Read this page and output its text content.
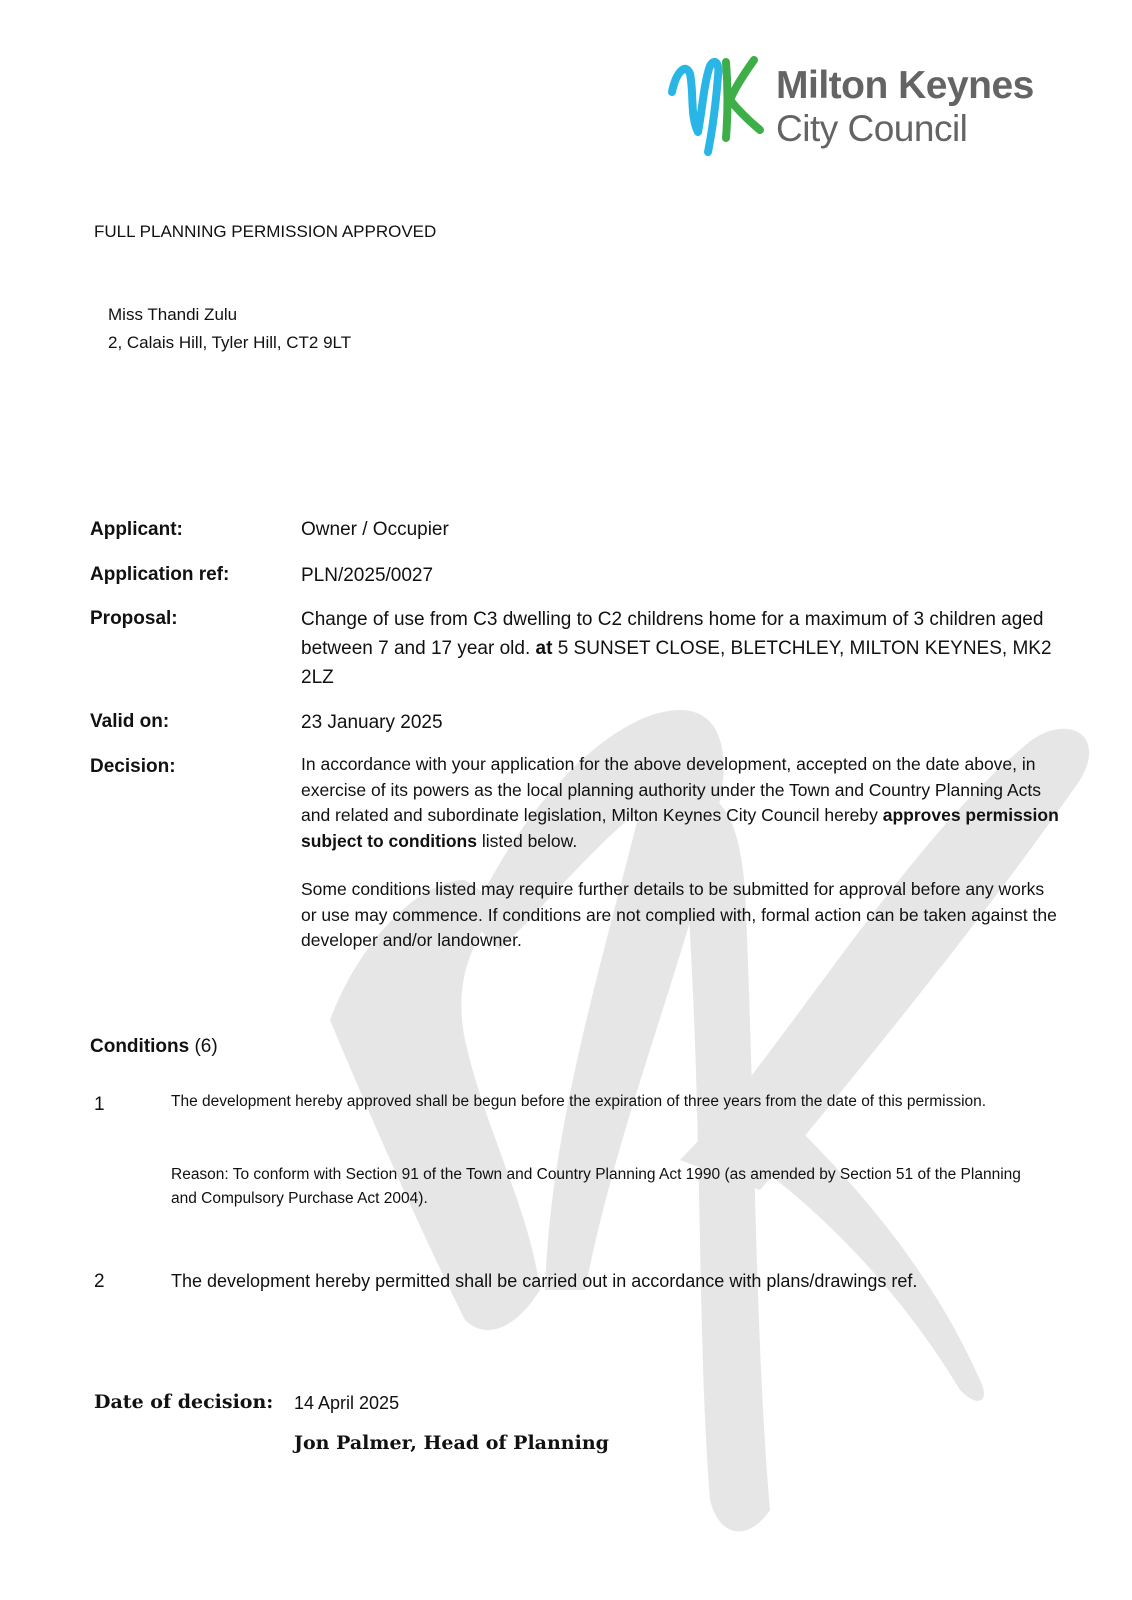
Milton Keynes
City Council
FULL PLANNING PERMISSION APPROVED
Miss Thandi Zulu
2, Calais Hill, Tyler Hill, CT2 9LT
Applicant:	Owner / Occupier
Application ref:	PLN/2025/0027
Proposal:	Change of use from C3 dwelling to C2 childrens home for a maximum of 3 children aged between 7 and 17 year old. at 5 SUNSET CLOSE, BLETCHLEY, MILTON KEYNES, MK2 2LZ
Valid on:	23 January 2025
Decision:	In accordance with your application for the above development, accepted on the date above, in exercise of its powers as the local planning authority under the Town and Country Planning Acts and related and subordinate legislation, Milton Keynes City Council hereby approves permission subject to conditions listed below.
Some conditions listed may require further details to be submitted for approval before any works or use may commence. If conditions are not complied with, formal action can be taken against the developer and/or landowner.
Conditions (6)
1	The development hereby approved shall be begun before the expiration of three years from the date of this permission.
Reason: To conform with Section 91 of the Town and Country Planning Act 1990 (as amended by Section 51 of the Planning and Compulsory Purchase Act 2004).
2	The development hereby permitted shall be carried out in accordance with plans/drawings ref.
Date of decision: 14 April 2025
Jon Palmer, Head of Planning
